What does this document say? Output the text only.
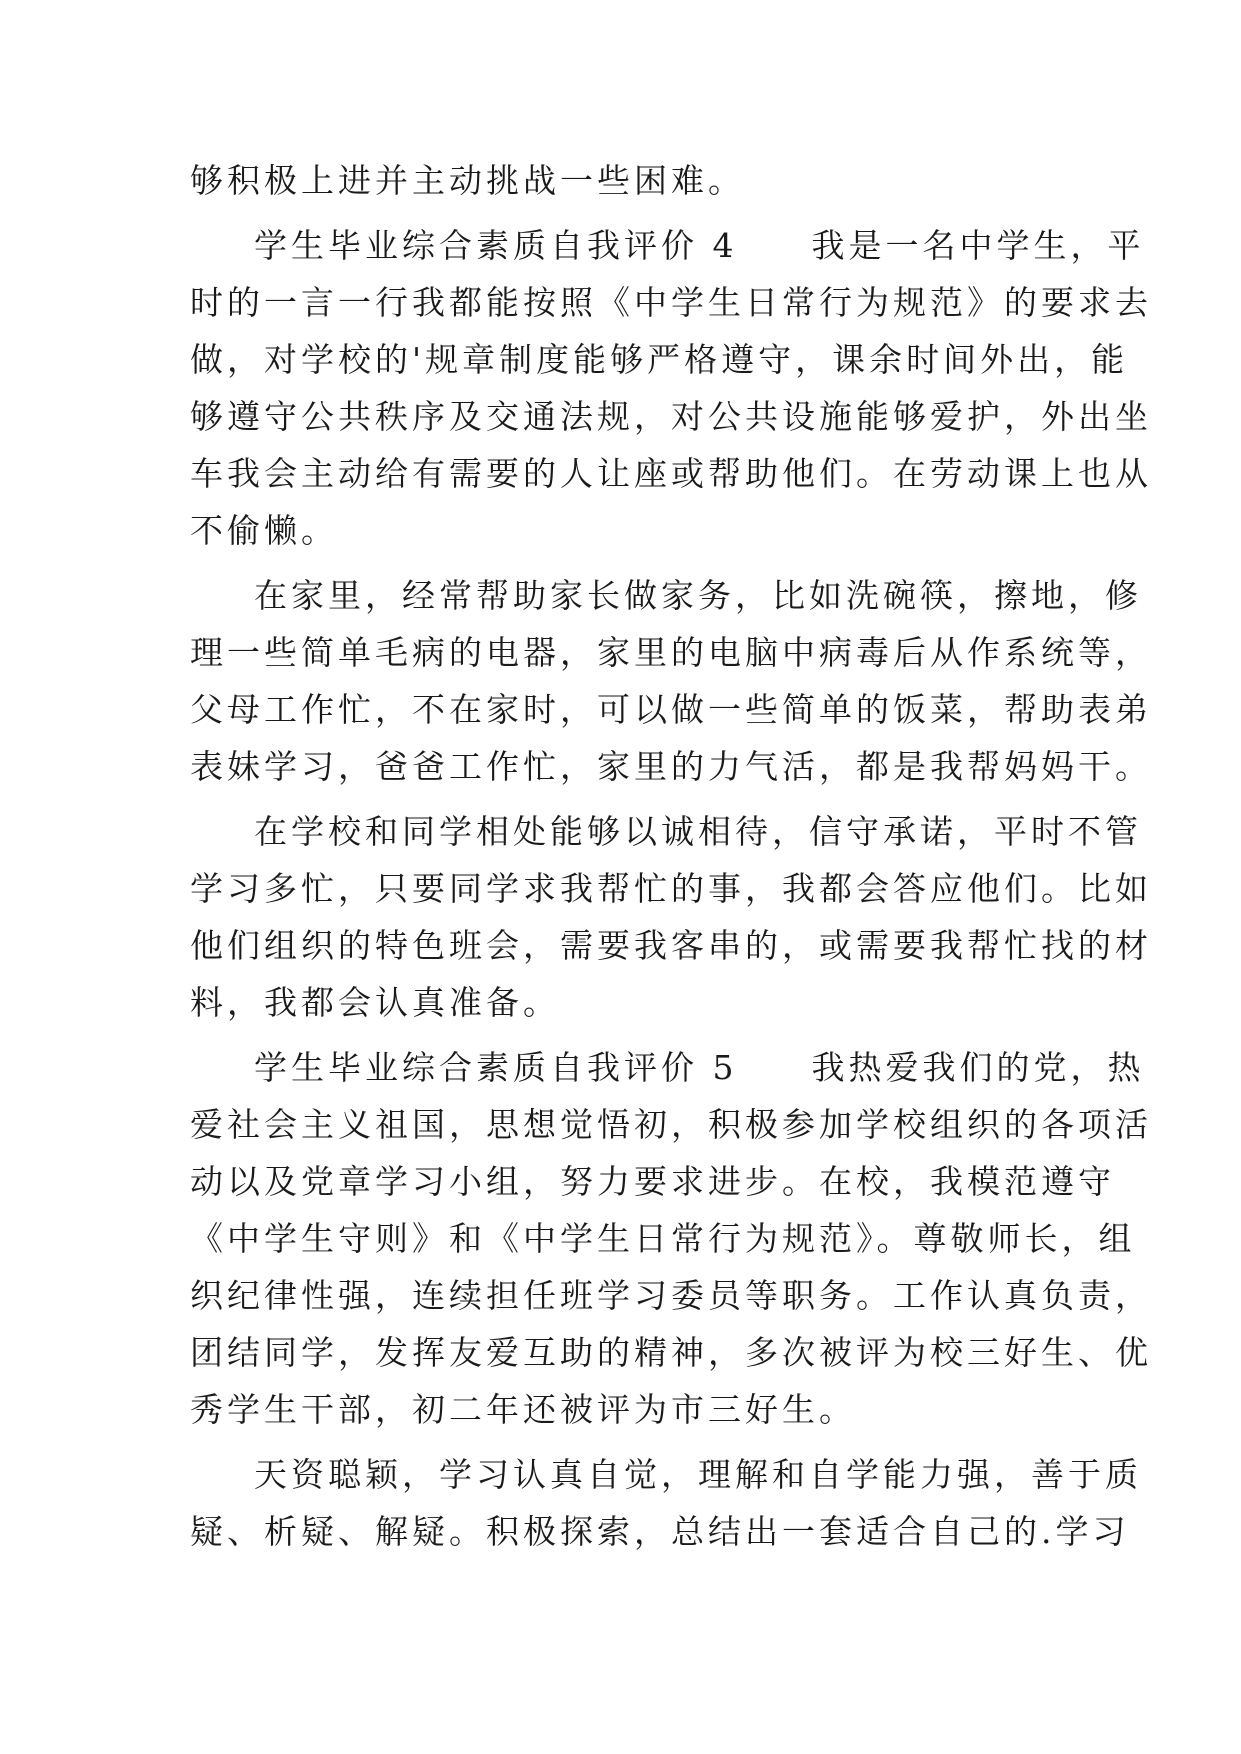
够积极上进并主动挑战一些困难。
学生毕业综合素质自我评价 4　　我是一名中学生，平
时的一言一行我都能按照《中学生日常行为规范》的要求去
做，对学校的'规章制度能够严格遵守，课余时间外出，能
够遵守公共秩序及交通法规，对公共设施能够爱护，外出坐
车我会主动给有需要的人让座或帮助他们。在劳动课上也从
不偷懒。
在家里，经常帮助家长做家务，比如洗碗筷，擦地，修
理一些简单毛病的电器，家里的电脑中病毒后从作系统等，
父母工作忙，不在家时，可以做一些简单的饭菜，帮助表弟
表妹学习，爸爸工作忙，家里的力气活，都是我帮妈妈干。
在学校和同学相处能够以诚相待，信守承诺，平时不管
学习多忙，只要同学求我帮忙的事，我都会答应他们。比如
他们组织的特色班会，需要我客串的，或需要我帮忙找的材
料，我都会认真准备。
学生毕业综合素质自我评价 5　　我热爱我们的党，热
爱社会主义祖国，思想觉悟初，积极参加学校组织的各项活
动以及党章学习小组，努力要求进步。在校，我模范遵守
《中学生守则》和《中学生日常行为规范》。尊敬师长，组
织纪律性强，连续担任班学习委员等职务。工作认真负责，
团结同学，发挥友爱互助的精神，多次被评为校三好生、优
秀学生干部，初二年还被评为市三好生。
天资聪颖，学习认真自觉，理解和自学能力强，善于质
疑、析疑、解疑。积极探索，总结出一套适合自己的.学习
